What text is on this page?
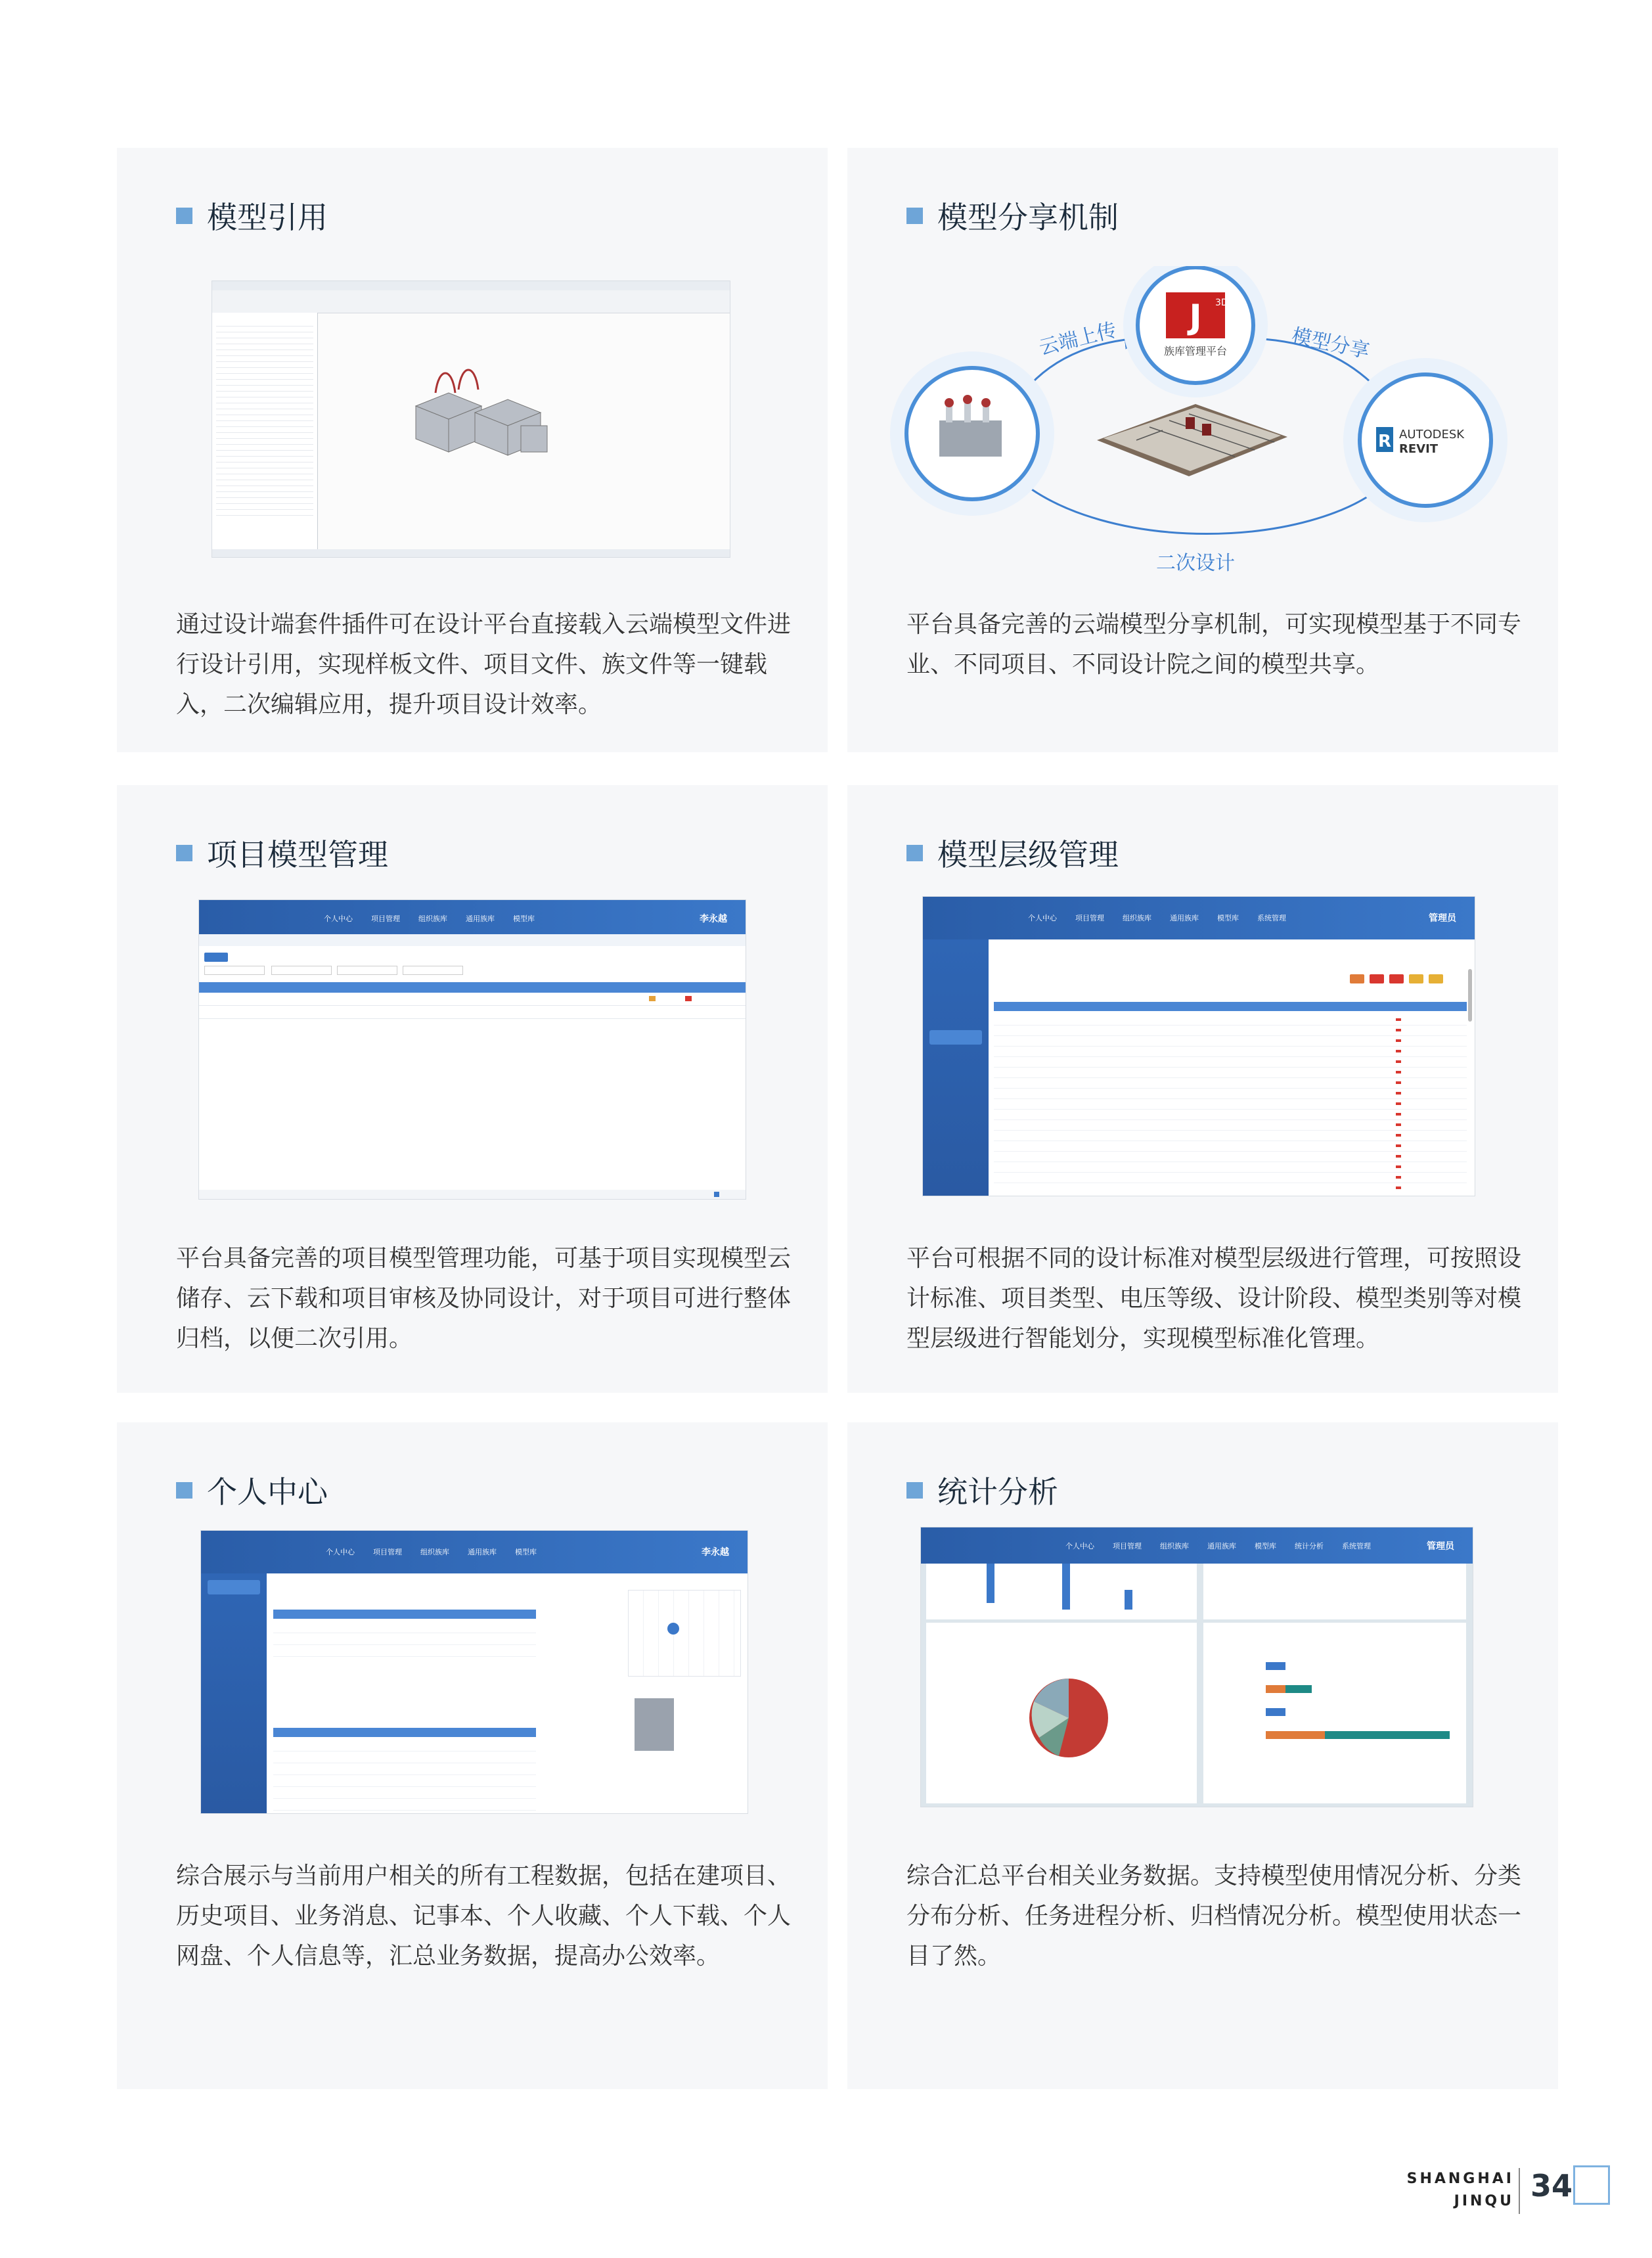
模型引用
通过设计端套件插件可在设计平台直接载入云端模型文件进行设计引用，实现样板文件、项目文件、族文件等一键载入，二次编辑应用，提升项目设计效率。
模型分享机制
J 3D
族库管理平台
R AUTODESK
REVIT
云端上传	模型分享
二次设计
平台具备完善的云端模型分享机制，可实现模型基于不同专业、不同项目、不同设计院之间的模型共享。
项目模型管理
个人中心	项目管理	组织族库	通用族库	模型库	李永越
平台具备完善的项目模型管理功能，可基于项目实现模型云储存、云下载和项目审核及协同设计，对于项目可进行整体归档，以便二次引用。
模型层级管理
个人中心	项目管理	组织族库	通用族库	模型库	系统管理	管理员
平台可根据不同的设计标准对模型层级进行管理，可按照设计标准、项目类型、电压等级、设计阶段、模型类别等对模型层级进行智能划分，实现模型标准化管理。
个人中心
个人中心	项目管理	组织族库	通用族库	模型库	李永越
综合展示与当前用户相关的所有工程数据，包括在建项目、历史项目、业务消息、记事本、个人收藏、个人下载、个人网盘、个人信息等，汇总业务数据，提高办公效率。
统计分析
个人中心	项目管理	组织族库	通用族库	模型库	统计分析	系统管理	管理员
综合汇总平台相关业务数据。支持模型使用情况分析、分类分布分析、任务进程分析、归档情况分析。模型使用状态一目了然。
SHANGHAI
JINQU 34
